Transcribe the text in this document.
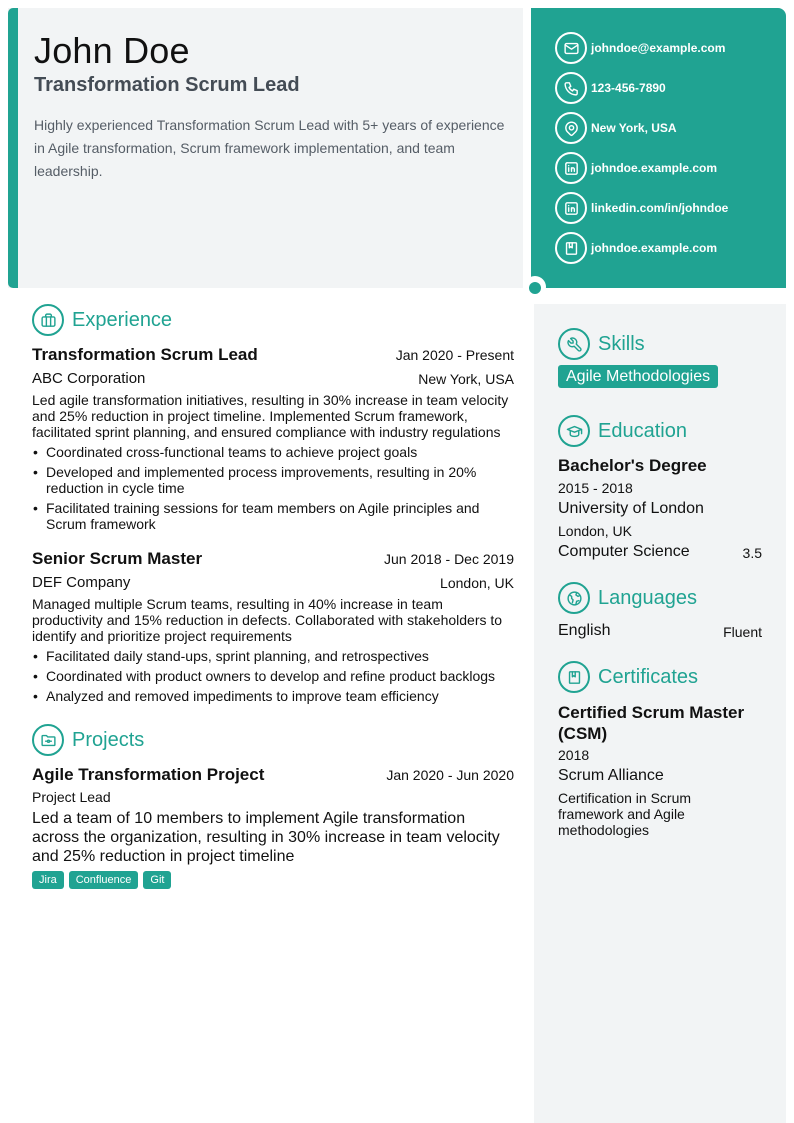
John Doe
Transformation Scrum Lead
Highly experienced Transformation Scrum Lead with 5+ years of experience in Agile transformation, Scrum framework implementation, and team leadership.
johndoe@example.com
123-456-7890
New York, USA
johndoe.example.com
linkedin.com/in/johndoe
johndoe.example.com
Experience
Transformation Scrum Lead	Jan 2020 - Present
ABC Corporation	New York, USA
Led agile transformation initiatives, resulting in 30% increase in team velocity and 25% reduction in project timeline. Implemented Scrum framework, facilitated sprint planning, and ensured compliance with industry regulations
• Coordinated cross-functional teams to achieve project goals
• Developed and implemented process improvements, resulting in 20% reduction in cycle time
• Facilitated training sessions for team members on Agile principles and Scrum framework
Senior Scrum Master	Jun 2018 - Dec 2019
DEF Company	London, UK
Managed multiple Scrum teams, resulting in 40% increase in team productivity and 15% reduction in defects. Collaborated with stakeholders to identify and prioritize project requirements
• Facilitated daily stand-ups, sprint planning, and retrospectives
• Coordinated with product owners to develop and refine product backlogs
• Analyzed and removed impediments to improve team efficiency
Projects
Agile Transformation Project	Jan 2020 - Jun 2020
Project Lead
Led a team of 10 members to implement Agile transformation across the organization, resulting in 30% increase in team velocity and 25% reduction in project timeline
Jira Confluence Git
Skills
Agile Methodologies
Education
Bachelor's Degree
2015 - 2018
University of London
London, UK
Computer Science	3.5
Languages
English	Fluent
Certificates
Certified Scrum Master (CSM)
2018
Scrum Alliance
Certification in Scrum framework and Agile methodologies
